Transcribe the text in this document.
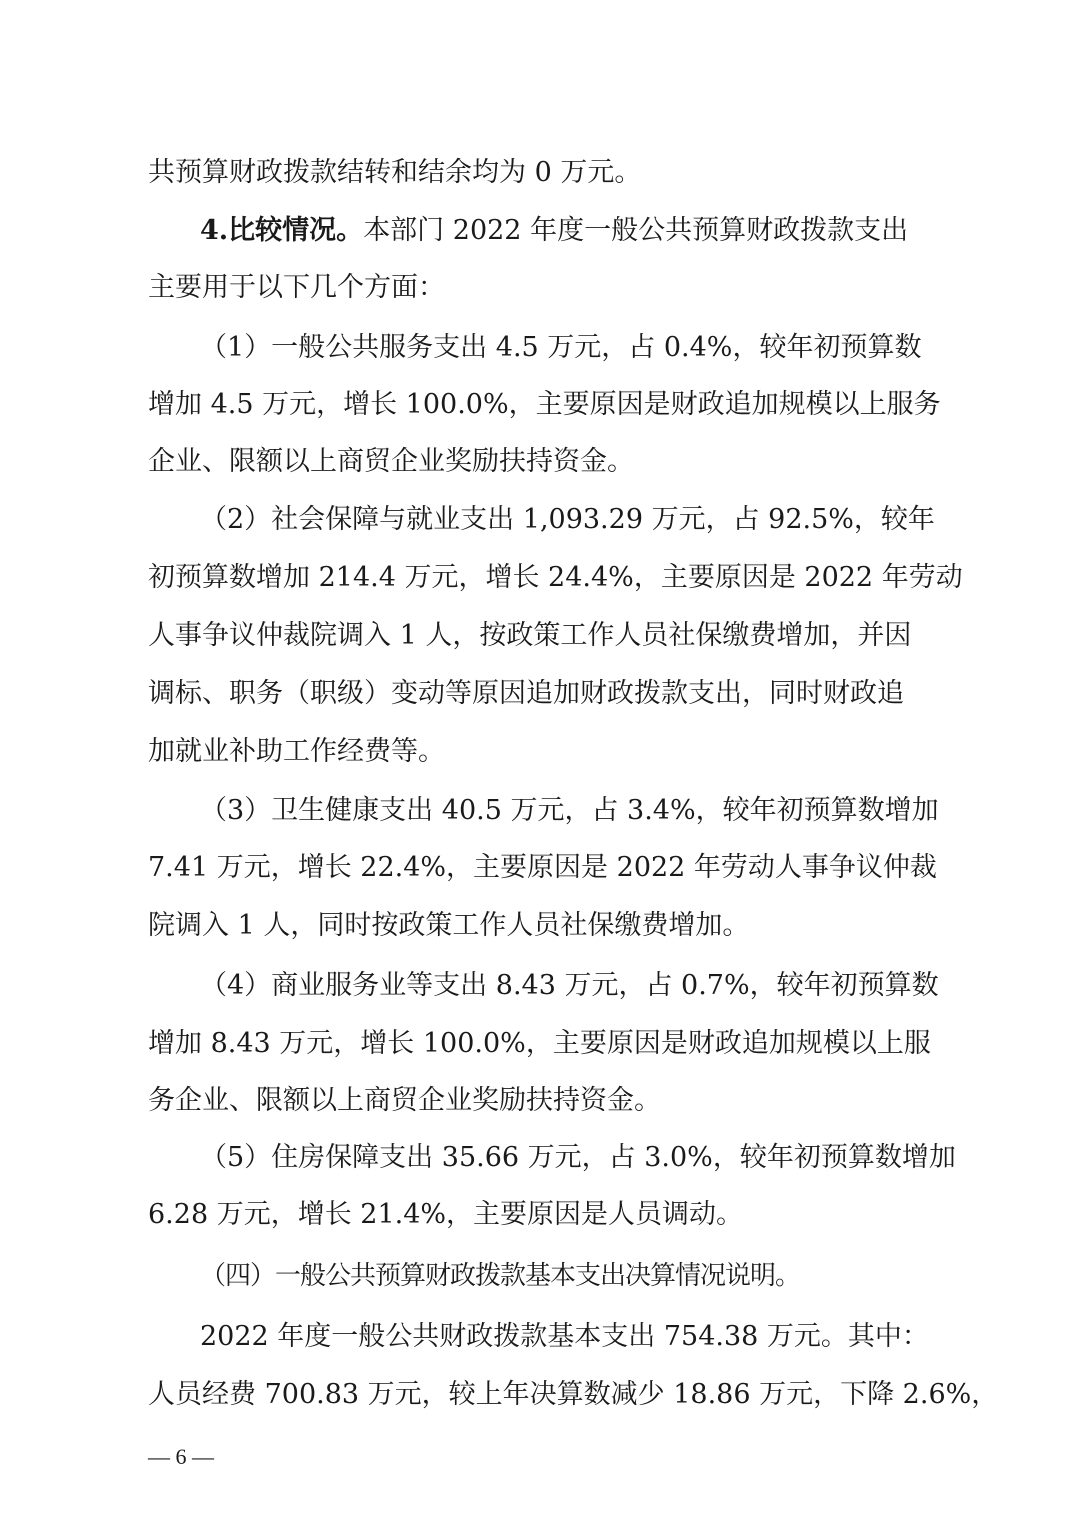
共预算财政拨款结转和结余均为 0 万元。
4.比较情况。本部门 2022 年度一般公共预算财政拨款支出
主要用于以下几个方面：
（1）一般公共服务支出 4.5 万元，占 0.4%，较年初预算数
增加 4.5 万元，增长 100.0%，主要原因是财政追加规模以上服务
企业、限额以上商贸企业奖励扶持资金。
（2）社会保障与就业支出 1,093.29 万元，占 92.5%，较年
初预算数增加 214.4 万元，增长 24.4%，主要原因是 2022 年劳动
人事争议仲裁院调入 1 人，按政策工作人员社保缴费增加，并因
调标、职务（职级）变动等原因追加财政拨款支出，同时财政追
加就业补助工作经费等。
（3）卫生健康支出 40.5 万元，占 3.4%，较年初预算数增加
7.41 万元，增长 22.4%，主要原因是 2022 年劳动人事争议仲裁
院调入 1 人，同时按政策工作人员社保缴费增加。
（4）商业服务业等支出 8.43 万元，占 0.7%，较年初预算数
增加 8.43 万元，增长 100.0%，主要原因是财政追加规模以上服
务企业、限额以上商贸企业奖励扶持资金。
（5）住房保障支出 35.66 万元，占 3.0%，较年初预算数增加
6.28 万元，增长 21.4%，主要原因是人员调动。
（四）一般公共预算财政拨款基本支出决算情况说明。
2022 年度一般公共财政拨款基本支出 754.38 万元。其中：
人员经费 700.83 万元，较上年决算数减少 18.86 万元，下降 2.6%，
— 6 —
